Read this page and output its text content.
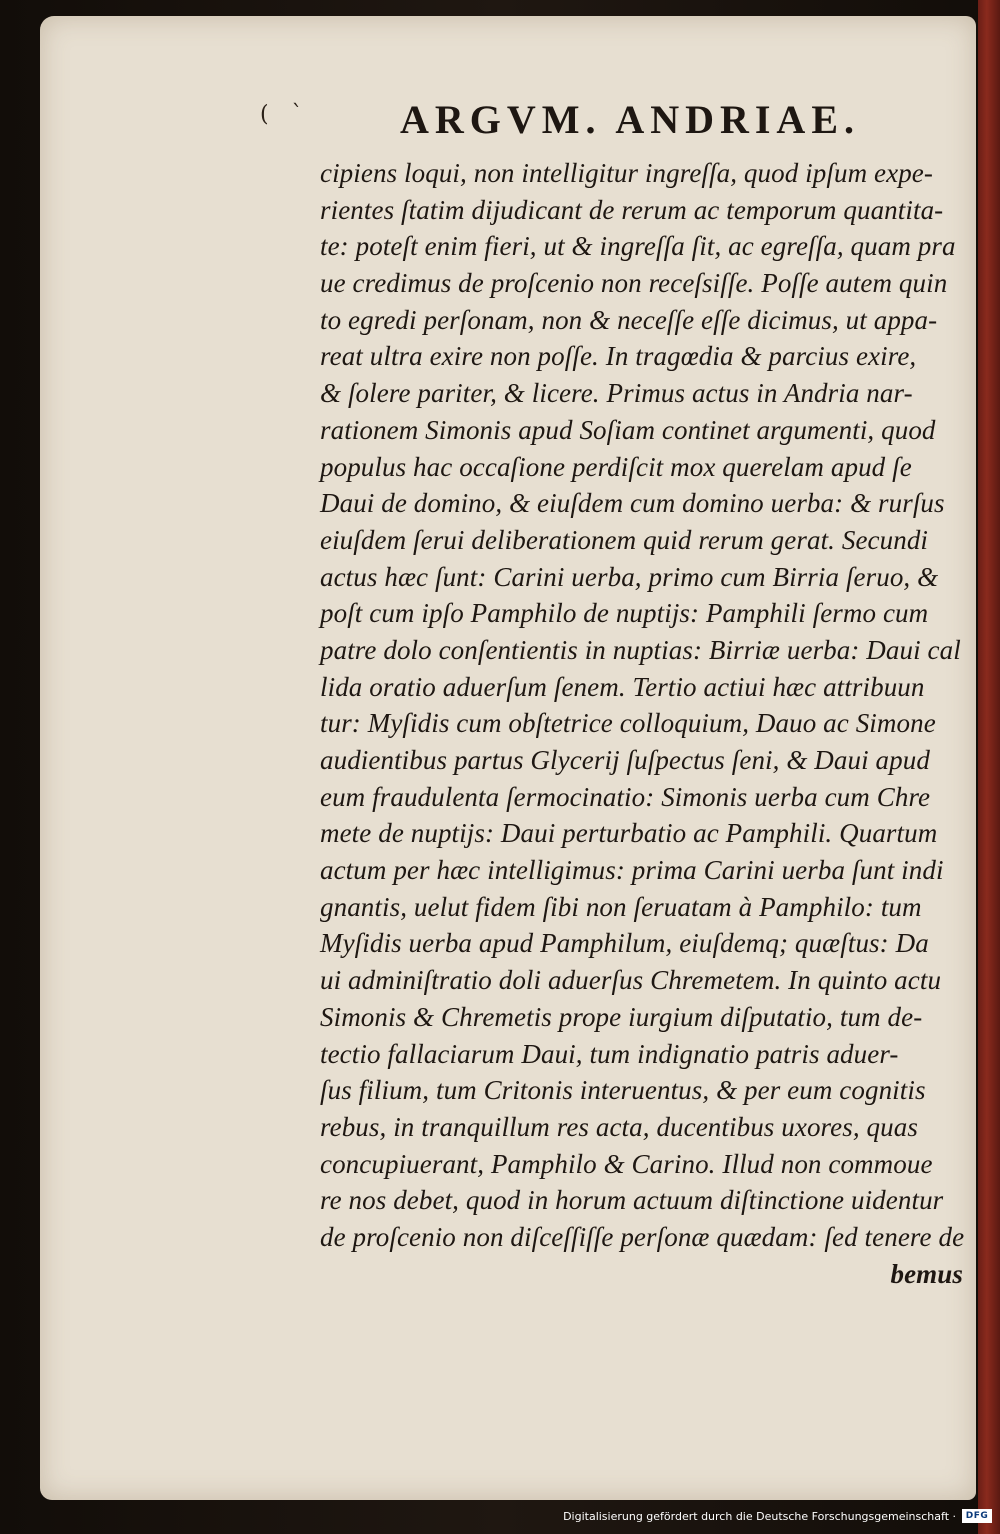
( ` ARGVM. ANDRIAE.
cipiens loqui, non intelligitur ingreſſa, quod ipſum expe-
rientes ſtatim dijudicant de rerum ac temporum quantita-
te: poteſt enim fieri, ut & ingreſſa ſit, ac egreſſa, quam pra
ue credimus de proſcenio non receſsiſſe. Poſſe autem quin
to egredi perſonam, non & neceſſe eſſe dicimus, ut appa-
reat ultra exire non poſſe. In tragœdia & parcius exire,
& ſolere pariter, & licere. Primus actus in Andria nar-
rationem Simonis apud Soſiam continet argumenti, quod
populus hac occaſione perdiſcit mox querelam apud ſe
Daui de domino, & eiuſdem cum domino uerba: & rurſus
eiuſdem ſerui deliberationem quid rerum gerat. Secundi
actus hæc ſunt: Carini uerba, primo cum Birria ſeruo, &
poſt cum ipſo Pamphilo de nuptijs: Pamphili ſermo cum
patre dolo conſentientis in nuptias: Birriæ uerba: Daui cal
lida oratio aduerſum ſenem. Tertio actiui hæc attribuun
tur: Myſidis cum obſtetrice colloquium, Dauo ac Simone
audientibus partus Glycerij ſuſpectus ſeni, & Daui apud
eum fraudulenta ſermocinatio: Simonis uerba cum Chre
mete de nuptijs: Daui perturbatio ac Pamphili. Quartum
actum per hæc intelligimus: prima Carini uerba ſunt indi
gnantis, uelut fidem ſibi non ſeruatam à Pamphilo: tum
Myſidis uerba apud Pamphilum, eiuſdemq; quæſtus: Da
ui adminiſtratio doli aduerſus Chremetem. In quinto actu
Simonis & Chremetis prope iurgium diſputatio, tum de-
tectio fallaciarum Daui, tum indignatio patris aduer-
ſus filium, tum Critonis interuentus, & per eum cognitis
rebus, in tranquillum res acta, ducentibus uxores, quas
concupiuerant, Pamphilo & Carino. Illud non commoue
re nos debet, quod in horum actuum diſtinctione uidentur
de proſcenio non diſceſſiſſe perſonæ quædam: ſed tenere de
bemus
Digitalisierung gefördert durch die Deutsche Forschungsgemeinschaft ·	DFG
